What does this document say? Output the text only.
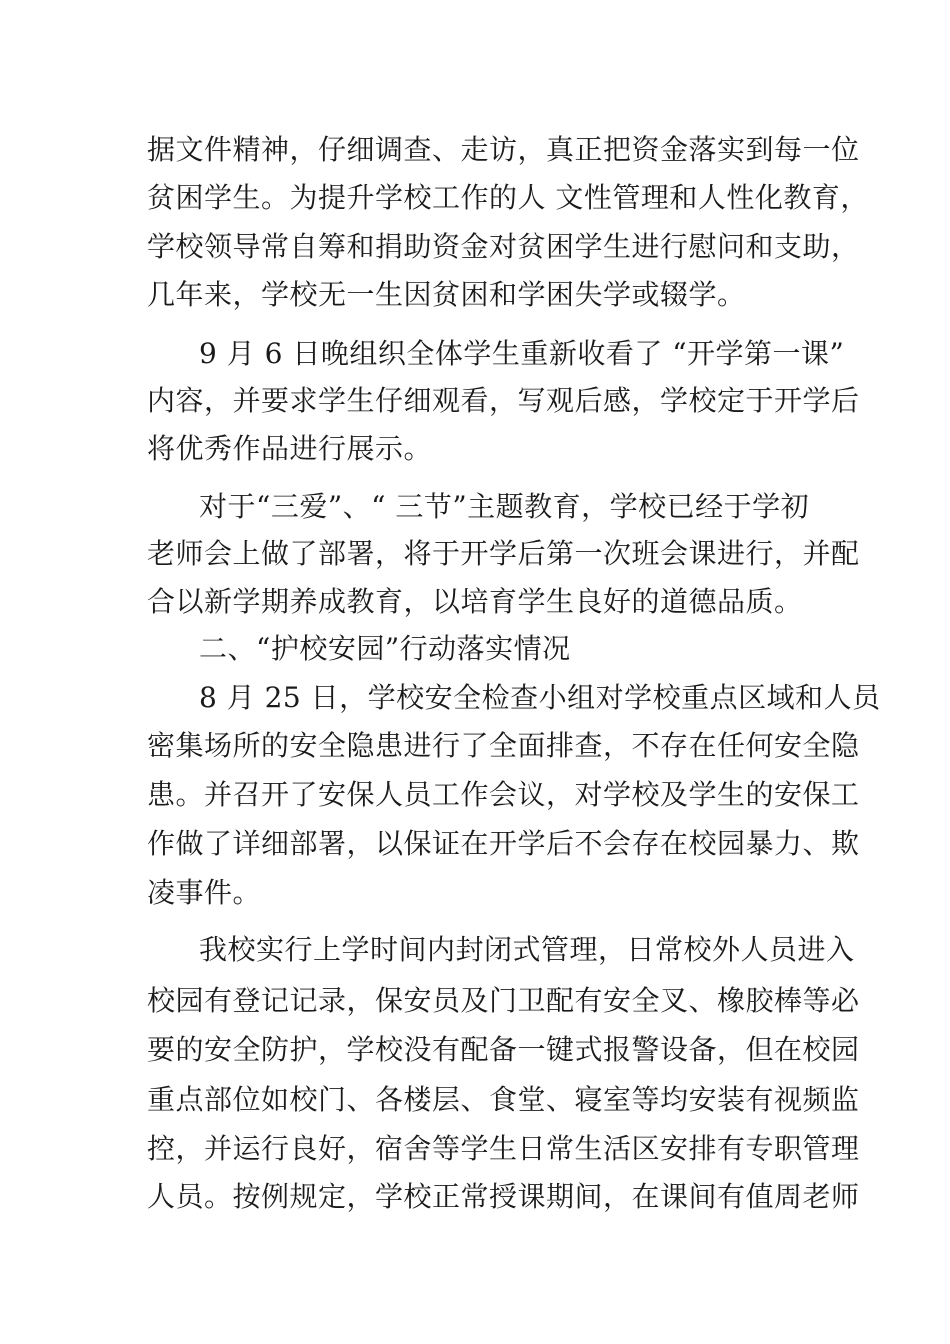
据文件精神，仔细调查、走访，真正把资金落实到每一位
贫困学生。为提升学校工作的人 文性管理和人性化教育，
学校领导常自筹和捐助资金对贫困学生进行慰问和支助，
几年来，学校无一生因贫困和学困失学或辍学。
9 月 6 日晚组织全体学生重新收看了 “开学第一课”
内容，并要求学生仔细观看，写观后感，学校定于开学后
将优秀作品进行展示。
对于“三爱”、“ 三节”主题教育，学校已经于学初
老师会上做了部署，将于开学后第一次班会课进行，并配
合以新学期养成教育，以培育学生良好的道德品质。
二、“护校安园”行动落实情况
8 月 25 日，学校安全检查小组对学校重点区域和人员
密集场所的安全隐患进行了全面排查，不存在任何安全隐
患。并召开了安保人员工作会议，对学校及学生的安保工
作做了详细部署，以保证在开学后不会存在校园暴力、欺
凌事件。
我校实行上学时间内封闭式管理，日常校外人员进入
校园有登记记录，保安员及门卫配有安全叉、橡胶棒等必
要的安全防护，学校没有配备一键式报警设备，但在校园
重点部位如校门、各楼层、食堂、寝室等均安装有视频监
控，并运行良好，宿舍等学生日常生活区安排有专职管理
人员。按例规定，学校正常授课期间，在课间有值周老师
